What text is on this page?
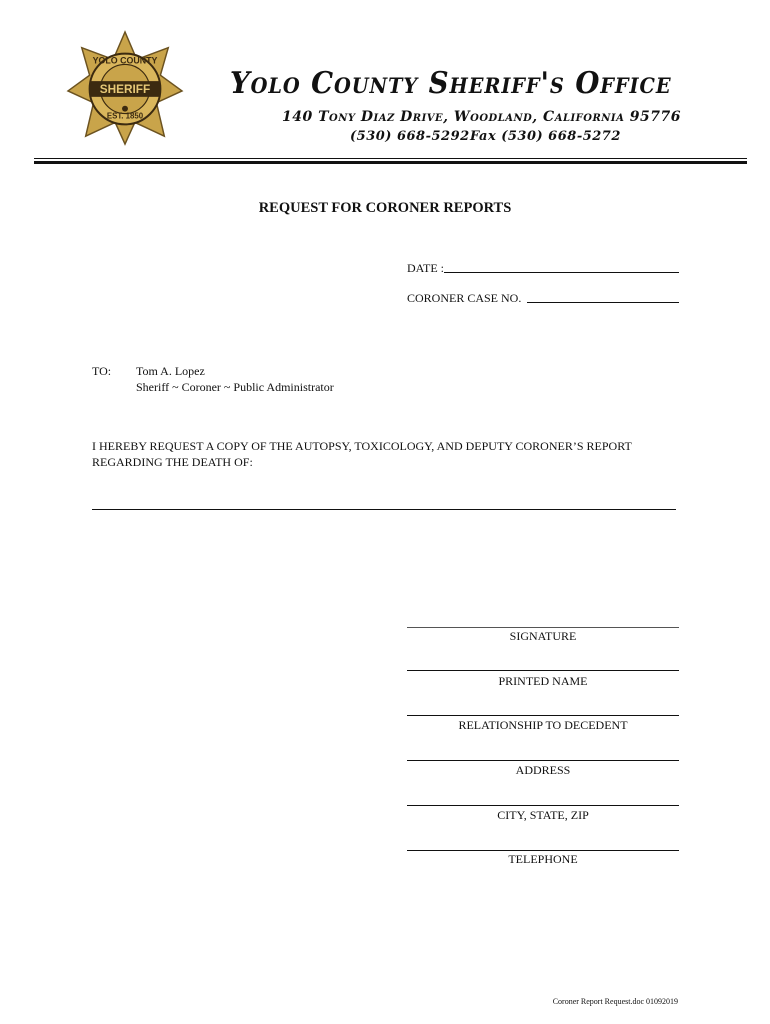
SHERIFF
YOLO COUNTY
EST. 1850
Yolo County Sheriff's Office
140 Tony Diaz Drive, Woodland, California 95776
(530) 668-5292 Fax (530) 668-5272
REQUEST FOR CORONER REPORTS
DATE :
CORONER CASE NO.
TO: Tom A. Lopez
Sheriff ~ Coroner ~ Public Administrator
I HEREBY REQUEST A COPY OF THE AUTOPSY, TOXICOLOGY, AND DEPUTY CORONER’S REPORT
REGARDING THE DEATH OF:
SIGNATURE
PRINTED NAME
RELATIONSHIP TO DECEDENT
ADDRESS
CITY, STATE, ZIP
TELEPHONE
Coroner Report Request.doc 01092019
